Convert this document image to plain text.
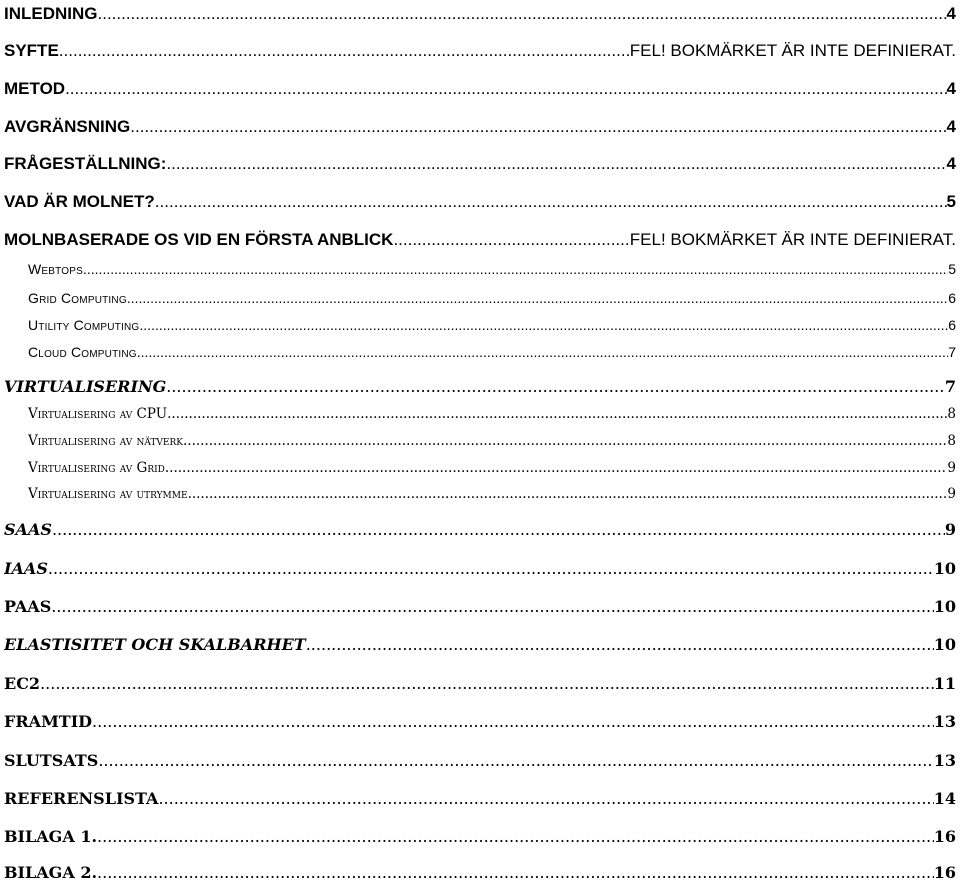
INLEDNING .....	4
SYFTE .....	FEL! BOKMÄRKET ÄR INTE DEFINIERAT.
METOD .....	4
AVGRÄNSNING .....	4
FRÅGESTÄLLNING: .....	4
VAD ÄR MOLNET? .....	5
MOLNBASERADE OS VID EN FÖRSTA ANBLICK .....	FEL! BOKMÄRKET ÄR INTE DEFINIERAT.
Webtops .....	5
Grid Computing .....	6
Utility Computing .....	6
Cloud Computing .....	7
VIRTUALISERING .....	7
Virtualisering av CPU .....	8
Virtualisering av nätverk .....	8
Virtualisering av Grid .....	9
Virtualisering av utrymme .....	9
SAAS .....	9
IAAS .....	10
PAAS .....	10
ELASTISITET OCH SKALBARHET .....	10
EC2 .....	11
FRAMTID .....	13
SLUTSATS .....	13
REFERENSLISTA .....	14
BILAGA 1. .....	16
BILAGA 2. .....	16
